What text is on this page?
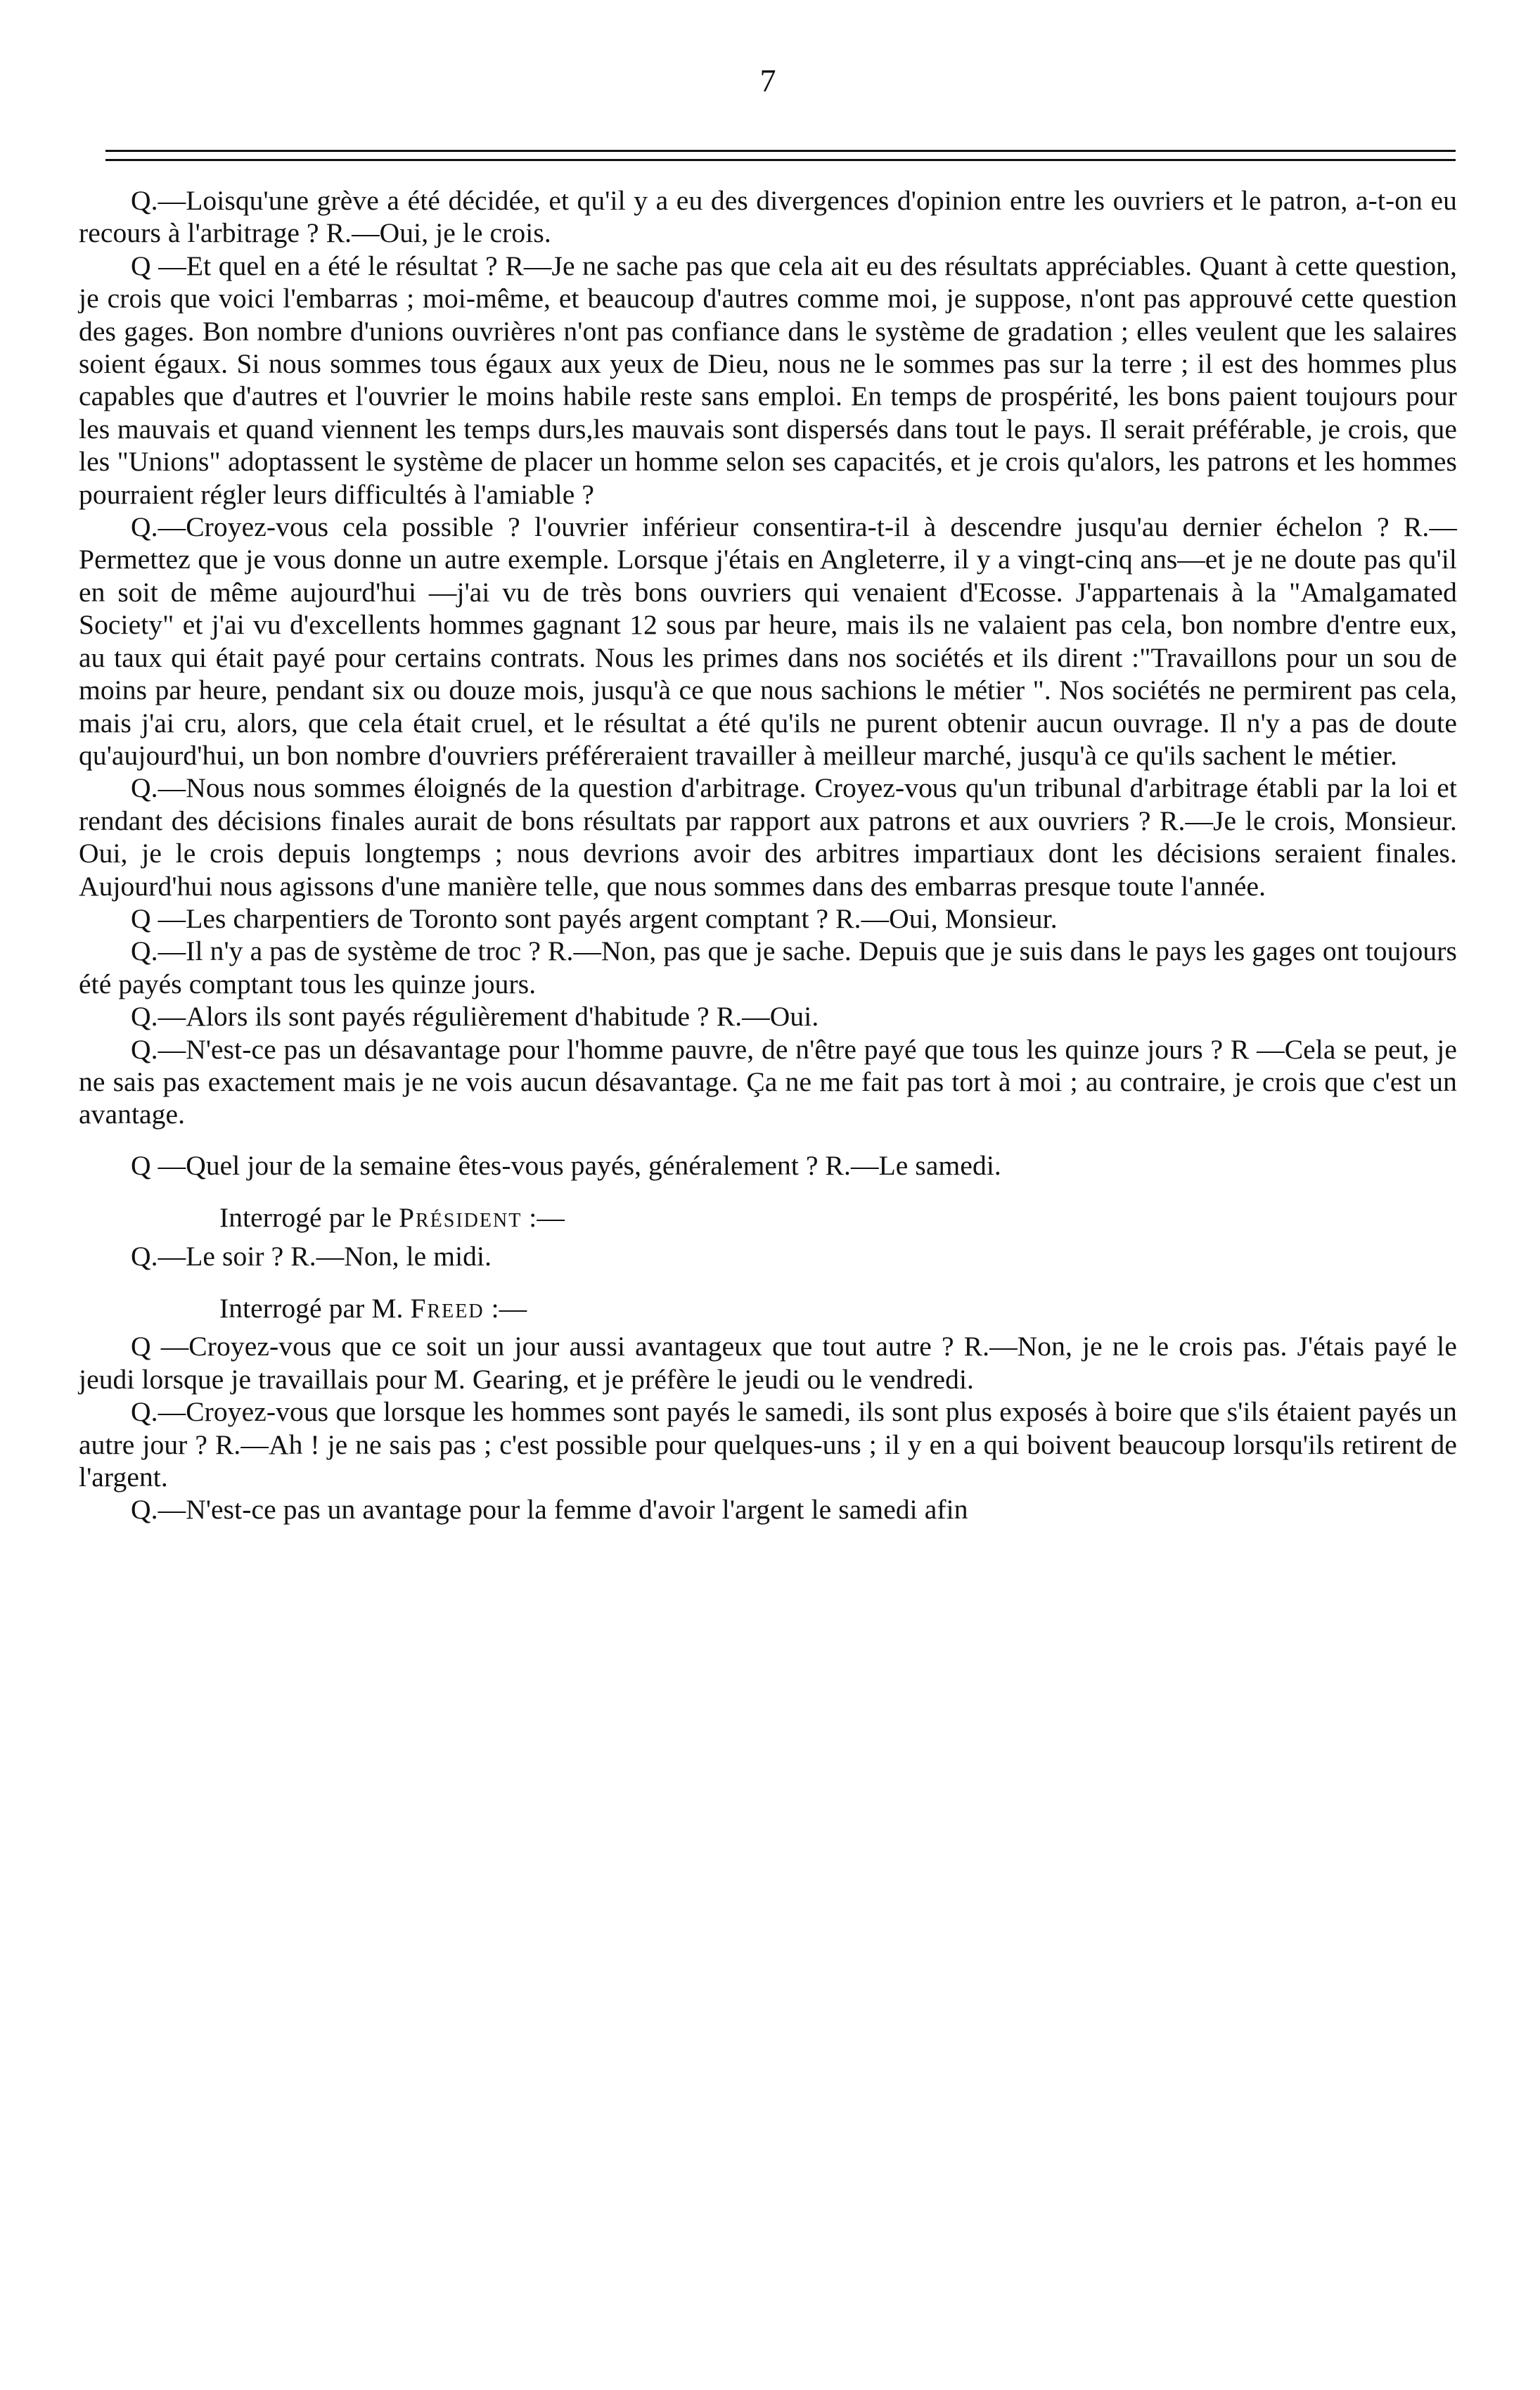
7

Q.—Loisqu'une grève a été décidée, et qu'il y a eu des divergences d'opinion entre les ouvriers et le patron, a-t-on eu recours à l'arbitrage ? R.—Oui, je le crois.

Q —Et quel en a été le résultat ? R—Je ne sache pas que cela ait eu des résultats appréciables. Quant à cette question, je crois que voici l'embarras ; moi-même, et beaucoup d'autres comme moi, je suppose, n'ont pas approuvé cette question des gages. Bon nombre d'unions ouvrières n'ont pas confiance dans le système de gradation ; elles veulent que les salaires soient égaux. Si nous sommes tous égaux aux yeux de Dieu, nous ne le sommes pas sur la terre ; il est des hommes plus capables que d'autres et l'ouvrier le moins habile reste sans emploi. En temps de prospérité, les bons paient toujours pour les mauvais et quand viennent les temps durs,les mauvais sont dispersés dans tout le pays. Il serait préférable, je crois, que les "Unions" adoptassent le système de placer un homme selon ses capacités, et je crois qu'alors, les patrons et les hommes pourraient régler leurs difficultés à l'amiable ?

Q.—Croyez-vous cela possible ? l'ouvrier inférieur consentira-t-il à descendre jusqu'au dernier échelon ? R.—Permettez que je vous donne un autre exemple. Lorsque j'étais en Angleterre, il y a vingt-cinq ans—et je ne doute pas qu'il en soit de même aujourd'hui —j'ai vu de très bons ouvriers qui venaient d'Ecosse. J'appartenais à la "Amalgamated Society" et j'ai vu d'excellents hommes gagnant 12 sous par heure, mais ils ne valaient pas cela, bon nombre d'entre eux, au taux qui était payé pour certains contrats. Nous les primes dans nos sociétés et ils dirent :"Travaillons pour un sou de moins par heure, pendant six ou douze mois, jusqu'à ce que nous sachions le métier ". Nos sociétés ne permirent pas cela, mais j'ai cru, alors, que cela était cruel, et le résultat a été qu'ils ne purent obtenir aucun ouvrage. Il n'y a pas de doute qu'aujourd'hui, un bon nombre d'ouvriers préféreraient travailler à meilleur marché, jusqu'à ce qu'ils sachent le métier.

Q.—Nous nous sommes éloignés de la question d'arbitrage. Croyez-vous qu'un tribunal d'arbitrage établi par la loi et rendant des décisions finales aurait de bons résultats par rapport aux patrons et aux ouvriers ? R.—Je le crois, Monsieur. Oui, je le crois depuis longtemps ; nous devrions avoir des arbitres impartiaux dont les décisions seraient finales. Aujourd'hui nous agissons d'une manière telle, que nous sommes dans des embarras presque toute l'année.

Q —Les charpentiers de Toronto sont payés argent comptant ? R.—Oui, Monsieur.

Q.—Il n'y a pas de système de troc ? R.—Non, pas que je sache. Depuis que je suis dans le pays les gages ont toujours été payés comptant tous les quinze jours.

Q.—Alors ils sont payés régulièrement d'habitude ? R.—Oui.

Q.—N'est-ce pas un désavantage pour l'homme pauvre, de n'être payé que tous les quinze jours ? R —Cela se peut, je ne sais pas exactement mais je ne vois aucun désavantage. Ça ne me fait pas tort à moi ; au contraire, je crois que c'est un avantage.

Q —Quel jour de la semaine êtes-vous payés, généralement ? R.—Le samedi.

Interrogé par le Président :—

Q.—Le soir ? R.—Non, le midi.

Interrogé par M. Freed :—

Q —Croyez-vous que ce soit un jour aussi avantageux que tout autre ? R.—Non, je ne le crois pas. J'étais payé le jeudi lorsque je travaillais pour M. Gearing, et je préfère le jeudi ou le vendredi.

Q.—Croyez-vous que lorsque les hommes sont payés le samedi, ils sont plus exposés à boire que s'ils étaient payés un autre jour ? R.—Ah ! je ne sais pas ; c'est possible pour quelques-uns ; il y en a qui boivent beaucoup lorsqu'ils retirent de l'argent.

Q.—N'est-ce pas un avantage pour la femme d'avoir l'argent le samedi afin
